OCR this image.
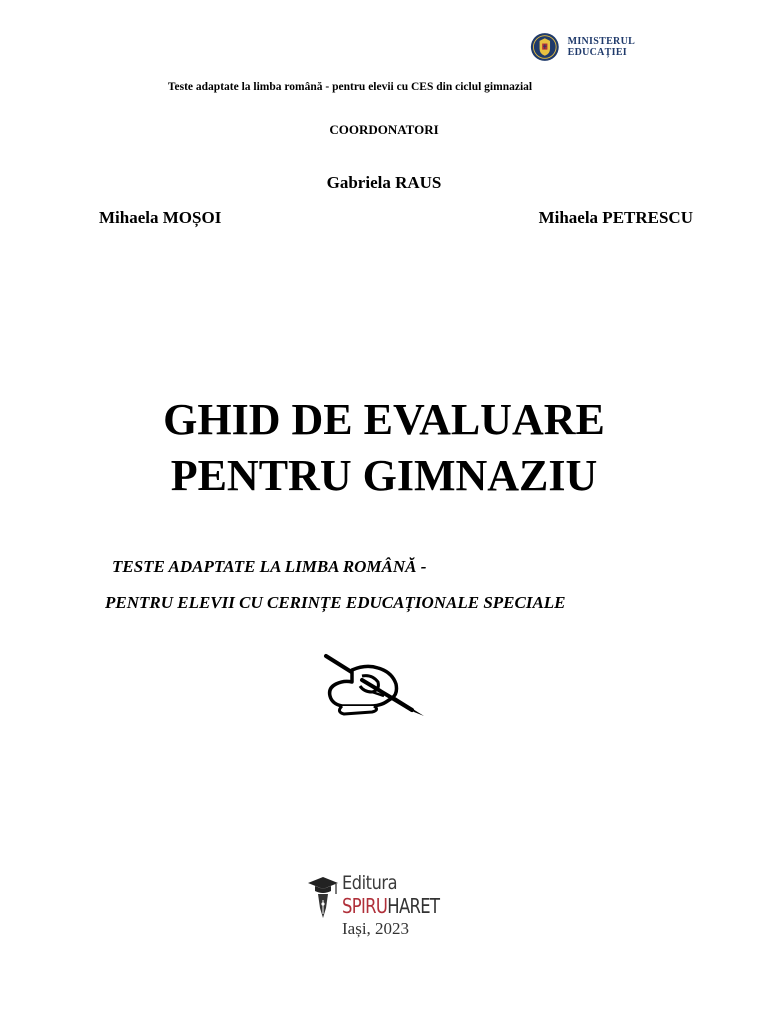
MINISTERUL EDUCAȚIEI
Teste adaptate la limba română - pentru elevii cu CES din ciclul gimnazial
COORDONATORI
Gabriela RAUS
Mihaela MOȘOI	Mihaela PETRESCU
GHID DE EVALUARE
PENTRU GIMNAZIU
TESTE ADAPTATE LA LIMBA ROMÂNĂ -
PENTRU ELEVII CU CERINȚE EDUCAȚIONALE SPECIALE
Editura
SPIRUHARET
Iași, 2023
